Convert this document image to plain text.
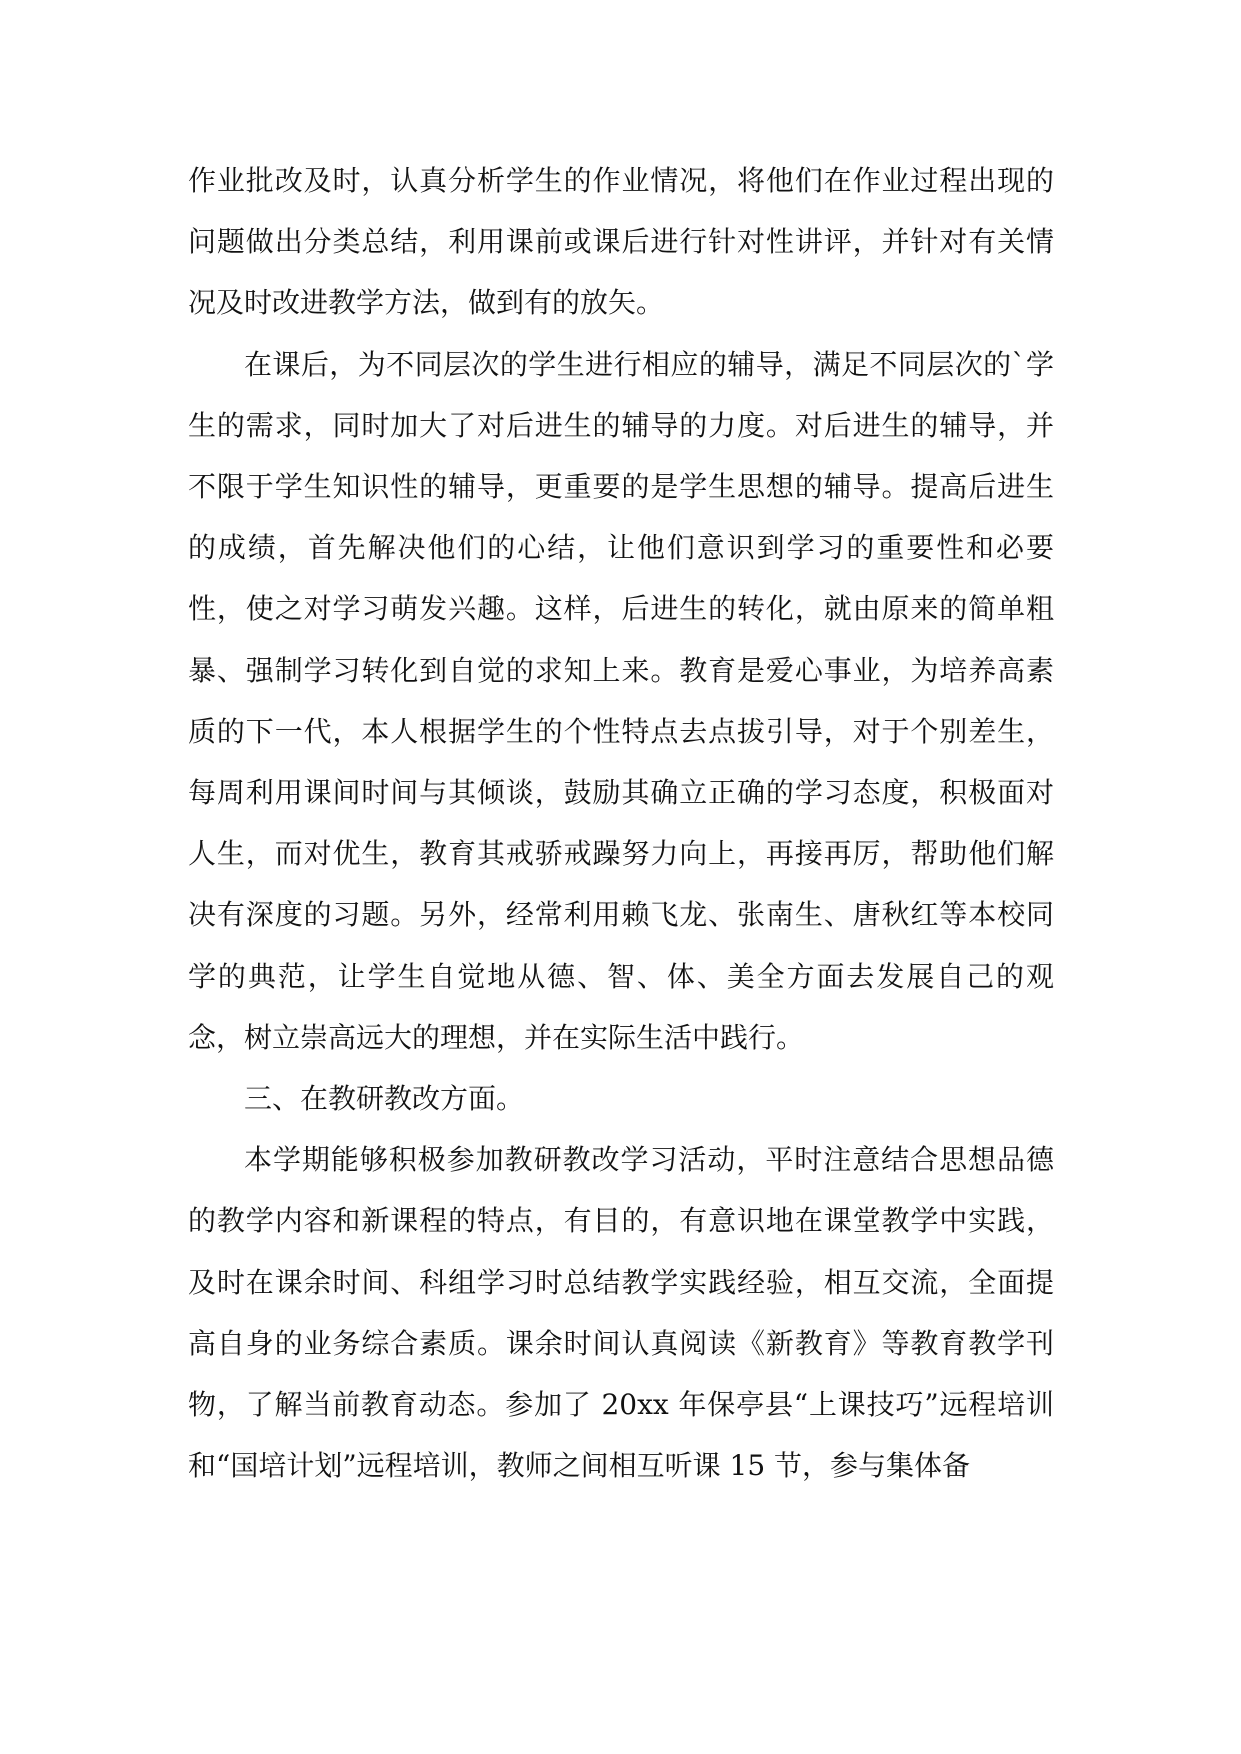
作业批改及时，认真分析学生的作业情况，将他们在作业过程出现的问题做出分类总结，利用课前或课后进行针对性讲评，并针对有关情况及时改进教学方法，做到有的放矢。

在课后，为不同层次的学生进行相应的辅导，满足不同层次的`学生的需求，同时加大了对后进生的辅导的力度。对后进生的辅导，并不限于学生知识性的辅导，更重要的是学生思想的辅导。提高后进生的成绩，首先解决他们的心结，让他们意识到学习的重要性和必要性，使之对学习萌发兴趣。这样，后进生的转化，就由原来的简单粗暴、强制学习转化到自觉的求知上来。教育是爱心事业，为培养高素质的下一代，本人根据学生的个性特点去点拔引导，对于个别差生，每周利用课间时间与其倾谈，鼓励其确立正确的学习态度，积极面对人生，而对优生，教育其戒骄戒躁努力向上，再接再厉，帮助他们解决有深度的习题。另外，经常利用赖飞龙、张南生、唐秋红等本校同学的典范，让学生自觉地从德、智、体、美全方面去发展自己的观念，树立崇高远大的理想，并在实际生活中践行。

三、在教研教改方面。

本学期能够积极参加教研教改学习活动，平时注意结合思想品德的教学内容和新课程的特点，有目的，有意识地在课堂教学中实践，及时在课余时间、科组学习时总结教学实践经验，相互交流，全面提高自身的业务综合素质。课余时间认真阅读《新教育》等教育教学刊物，了解当前教育动态。参加了 20xx 年保亭县“上课技巧”远程培训和“国培计划”远程培训，教师之间相互听课 15 节，参与集体备
